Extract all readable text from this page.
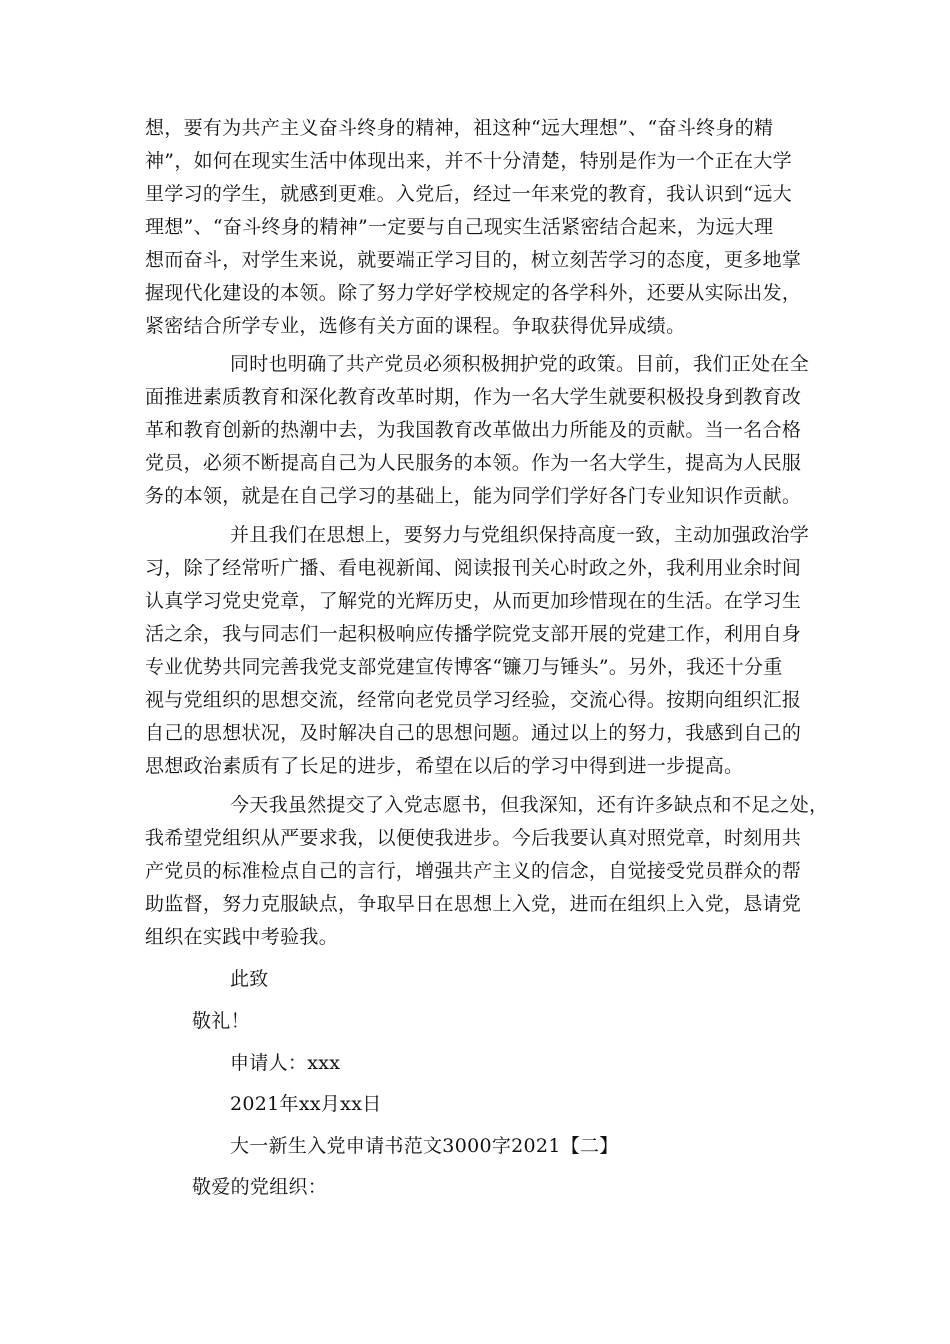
想，要有为共产主义奋斗终身的精神，祖这种“远大理想”、“奋斗终身的精
神”，如何在现实生活中体现出来，并不十分清楚，特别是作为一个正在大学
里学习的学生，就感到更难。入党后，经过一年来党的教育，我认识到“远大
理想”、“奋斗终身的精神”一定要与自己现实生活紧密结合起来，为远大理
想而奋斗，对学生来说，就要端正学习目的，树立刻苦学习的态度，更多地掌
握现代化建设的本领。除了努力学好学校规定的各学科外，还要从实际出发，
紧密结合所学专业，选修有关方面的课程。争取获得优异成绩。
同时也明确了共产党员必须积极拥护党的政策。目前，我们正处在全
面推进素质教育和深化教育改革时期，作为一名大学生就要积极投身到教育改
革和教育创新的热潮中去，为我国教育改革做出力所能及的贡献。当一名合格
党员，必须不断提高自己为人民服务的本领。作为一名大学生，提高为人民服
务的本领，就是在自己学习的基础上，能为同学们学好各门专业知识作贡献。
并且我们在思想上，要努力与党组织保持高度一致，主动加强政治学
习，除了经常听广播、看电视新闻、阅读报刊关心时政之外，我利用业余时间
认真学习党史党章，了解党的光辉历史，从而更加珍惜现在的生活。在学习生
活之余，我与同志们一起积极响应传播学院党支部开展的党建工作，利用自身
专业优势共同完善我党支部党建宣传博客“镰刀与锤头”。另外，我还十分重
视与党组织的思想交流，经常向老党员学习经验，交流心得。按期向组织汇报
自己的思想状况，及时解决自己的思想问题。通过以上的努力，我感到自己的
思想政治素质有了长足的进步，希望在以后的学习中得到进一步提高。
今天我虽然提交了入党志愿书，但我深知，还有许多缺点和不足之处，
我希望党组织从严要求我，以便使我进步。今后我要认真对照党章，时刻用共
产党员的标准检点自己的言行，增强共产主义的信念，自觉接受党员群众的帮
助监督，努力克服缺点，争取早日在思想上入党，进而在组织上入党，恳请党
组织在实践中考验我。
此致
敬礼！
申请人：xxx
2021年xx月xx日
大一新生入党申请书范文3000字2021【二】
敬爱的党组织：
